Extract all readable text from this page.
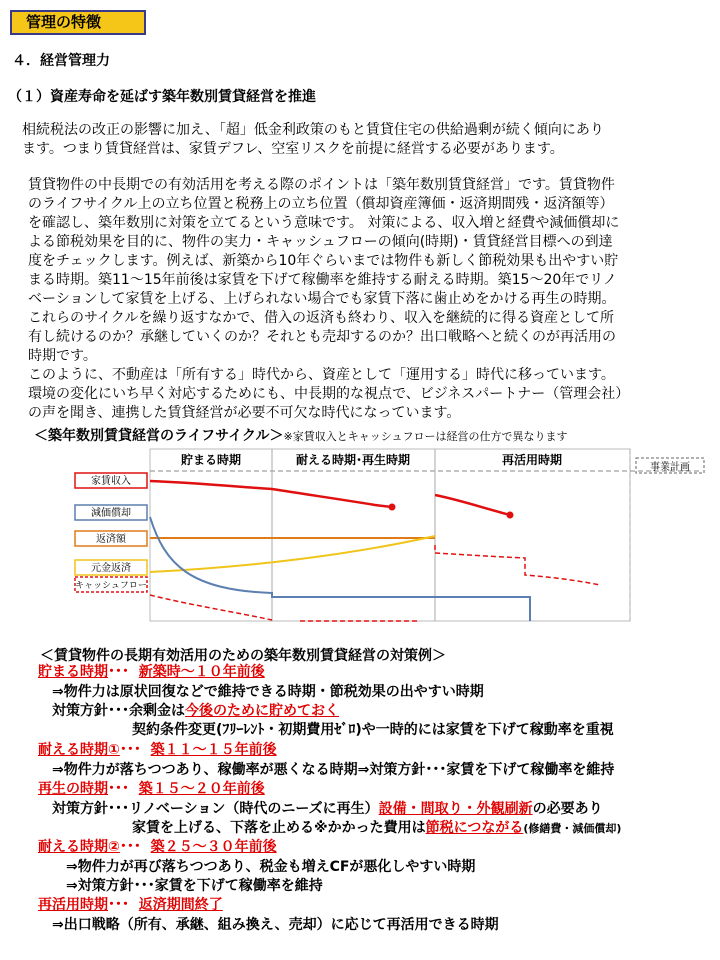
管理の特徴
４．経営管理力
（１）資産寿命を延ばす築年数別賃貸経営を推進
相続税法の改正の影響に加え、「超」低金利政策のもと賃貸住宅の供給過剰が続く傾向にあり
ます。つまり賃貸経営は、家賃デフレ、空室リスクを前提に経営する必要があります。
賃貸物件の中長期での有効活用を考える際のポイントは「築年数別賃貸経営」です。賃貸物件
のライフサイクル上の立ち位置と税務上の立ち位置（償却資産簿価・返済期間残・返済額等）
を確認し、築年数別に対策を立てるという意味です。 対策による、収入増と経費や減価償却に
よる節税効果を目的に、物件の実力・キャッシュフローの傾向(時期)・賃貸経営目標への到達
度をチェックします。例えば、新築から10年ぐらいまでは物件も新しく節税効果も出やすい貯
まる時期。築11～15年前後は家賃を下げて稼働率を維持する耐える時期。築15～20年でリノ
ベーションして家賃を上げる、上げられない場合でも家賃下落に歯止めをかける再生の時期。
これらのサイクルを繰り返すなかで、借入の返済も終わり、収入を継続的に得る資産として所
有し続けるのか？承継していくのか？それとも売却するのか？出口戦略へと続くのが再活用の
時期です。
このように、不動産は「所有する」時代から、資産として「運用する」時代に移っています。
環境の変化にいち早く対応するためにも、中長期的な視点で、ビジネスパートナー（管理会社）
の声を聞き、連携した賃貸経営が必要不可欠な時代になっています。
＜築年数別賃貸経営のライフサイクル＞※家賃収入とキャッシュフローは経営の仕方で異なります
貯まる時期	耐える時期･再生時期	再活用時期
事業計画
家賃収入
減価償却
返済額
元金返済
キャッシュフロー
＜賃貸物件の長期有効活用のための築年数別賃貸経営の対策例＞
貯まる時期･･･ 新築時～１０年前後
⇒物件力は原状回復などで維持できる時期・節税効果の出やすい時期
対策方針･･･余剰金は今後のために貯めておく
契約条件変更(ﾌﾘｰﾚﾝﾄ・初期費用ｾﾞﾛ)や一時的には家賃を下げて稼動率を重視
耐える時期①･･･ 築１１～１５年前後
⇒物件力が落ちつつあり、稼働率が悪くなる時期⇒対策方針･･･家賃を下げて稼働率を維持
再生の時期･･･ 築１５～２０年前後
対策方針･･･リノベーション（時代のニーズに再生）設備・間取り・外観刷新の必要あり
家賃を上げる、下落を止める※かかった費用は節税につながる(修繕費・減価償却)
耐える時期②･･･ 築２５～３０年前後
⇒物件力が再び落ちつつあり、税金も増えCFが悪化しやすい時期
⇒対策方針･･･家賃を下げて稼働率を維持
再活用時期･･･ 返済期間終了
⇒出口戦略（所有、承継、組み換え、売却）に応じて再活用できる時期
